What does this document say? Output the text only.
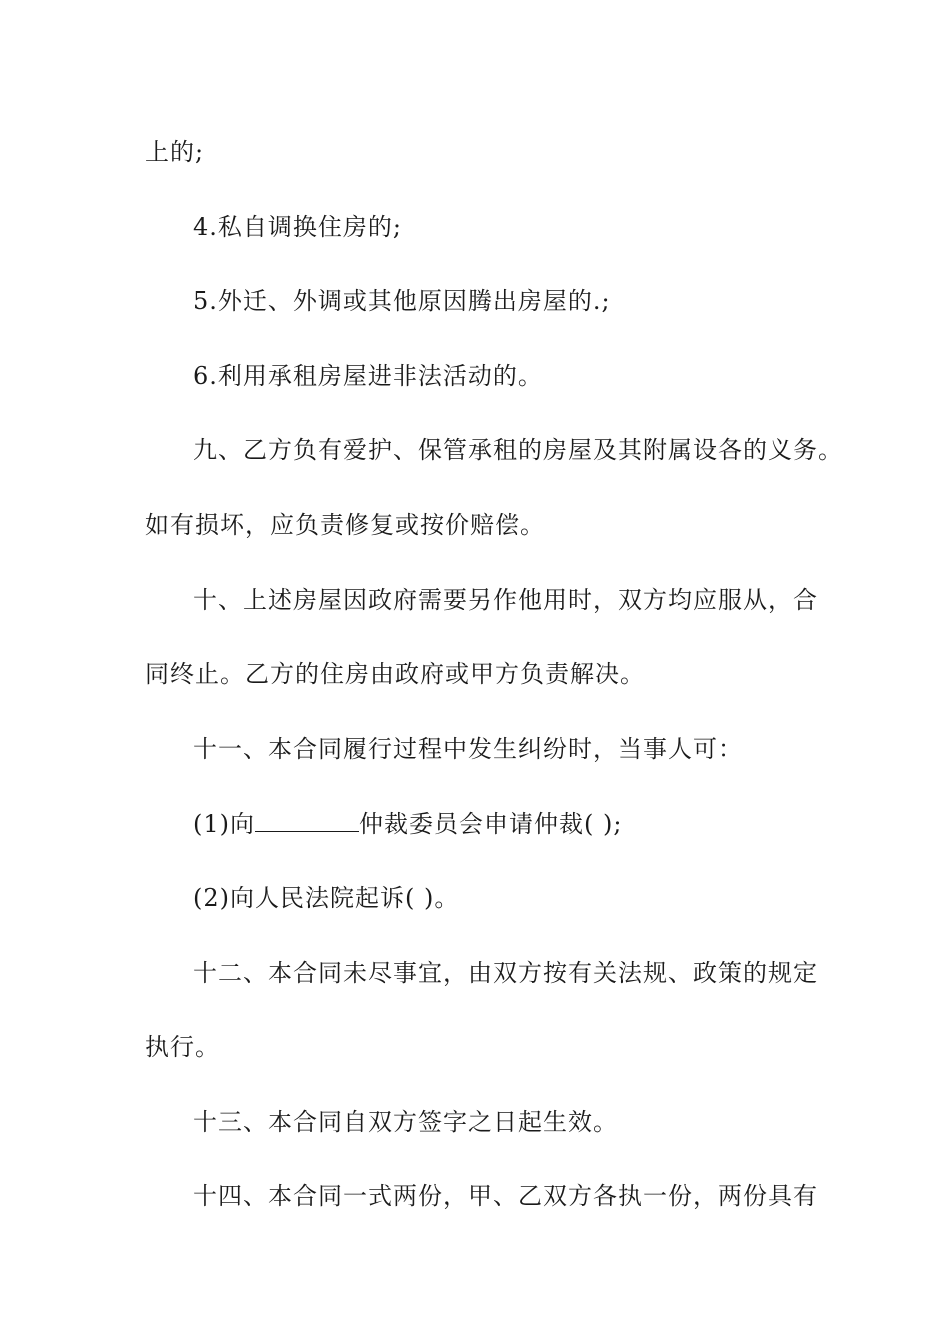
上的;
4.私自调换住房的;
5.外迁、外调或其他原因腾出房屋的.;
6.利用承租房屋进非法活动的。
九、乙方负有爱护、保管承租的房屋及其附属设各的义务。
如有损坏，应负责修复或按价赔偿。
十、上述房屋因政府需要另作他用时，双方均应服从，合
同终止。乙方的住房由政府或甲方负责解决。
十一、本合同履行过程中发生纠纷时，当事人可：
(1)向	仲裁委员会申请仲裁( );
(2)向人民法院起诉( )。
十二、本合同未尽事宜，由双方按有关法规、政策的规定
执行。
十三、本合同自双方签字之日起生效。
十四、本合同一式两份，甲、乙双方各执一份，两份具有
